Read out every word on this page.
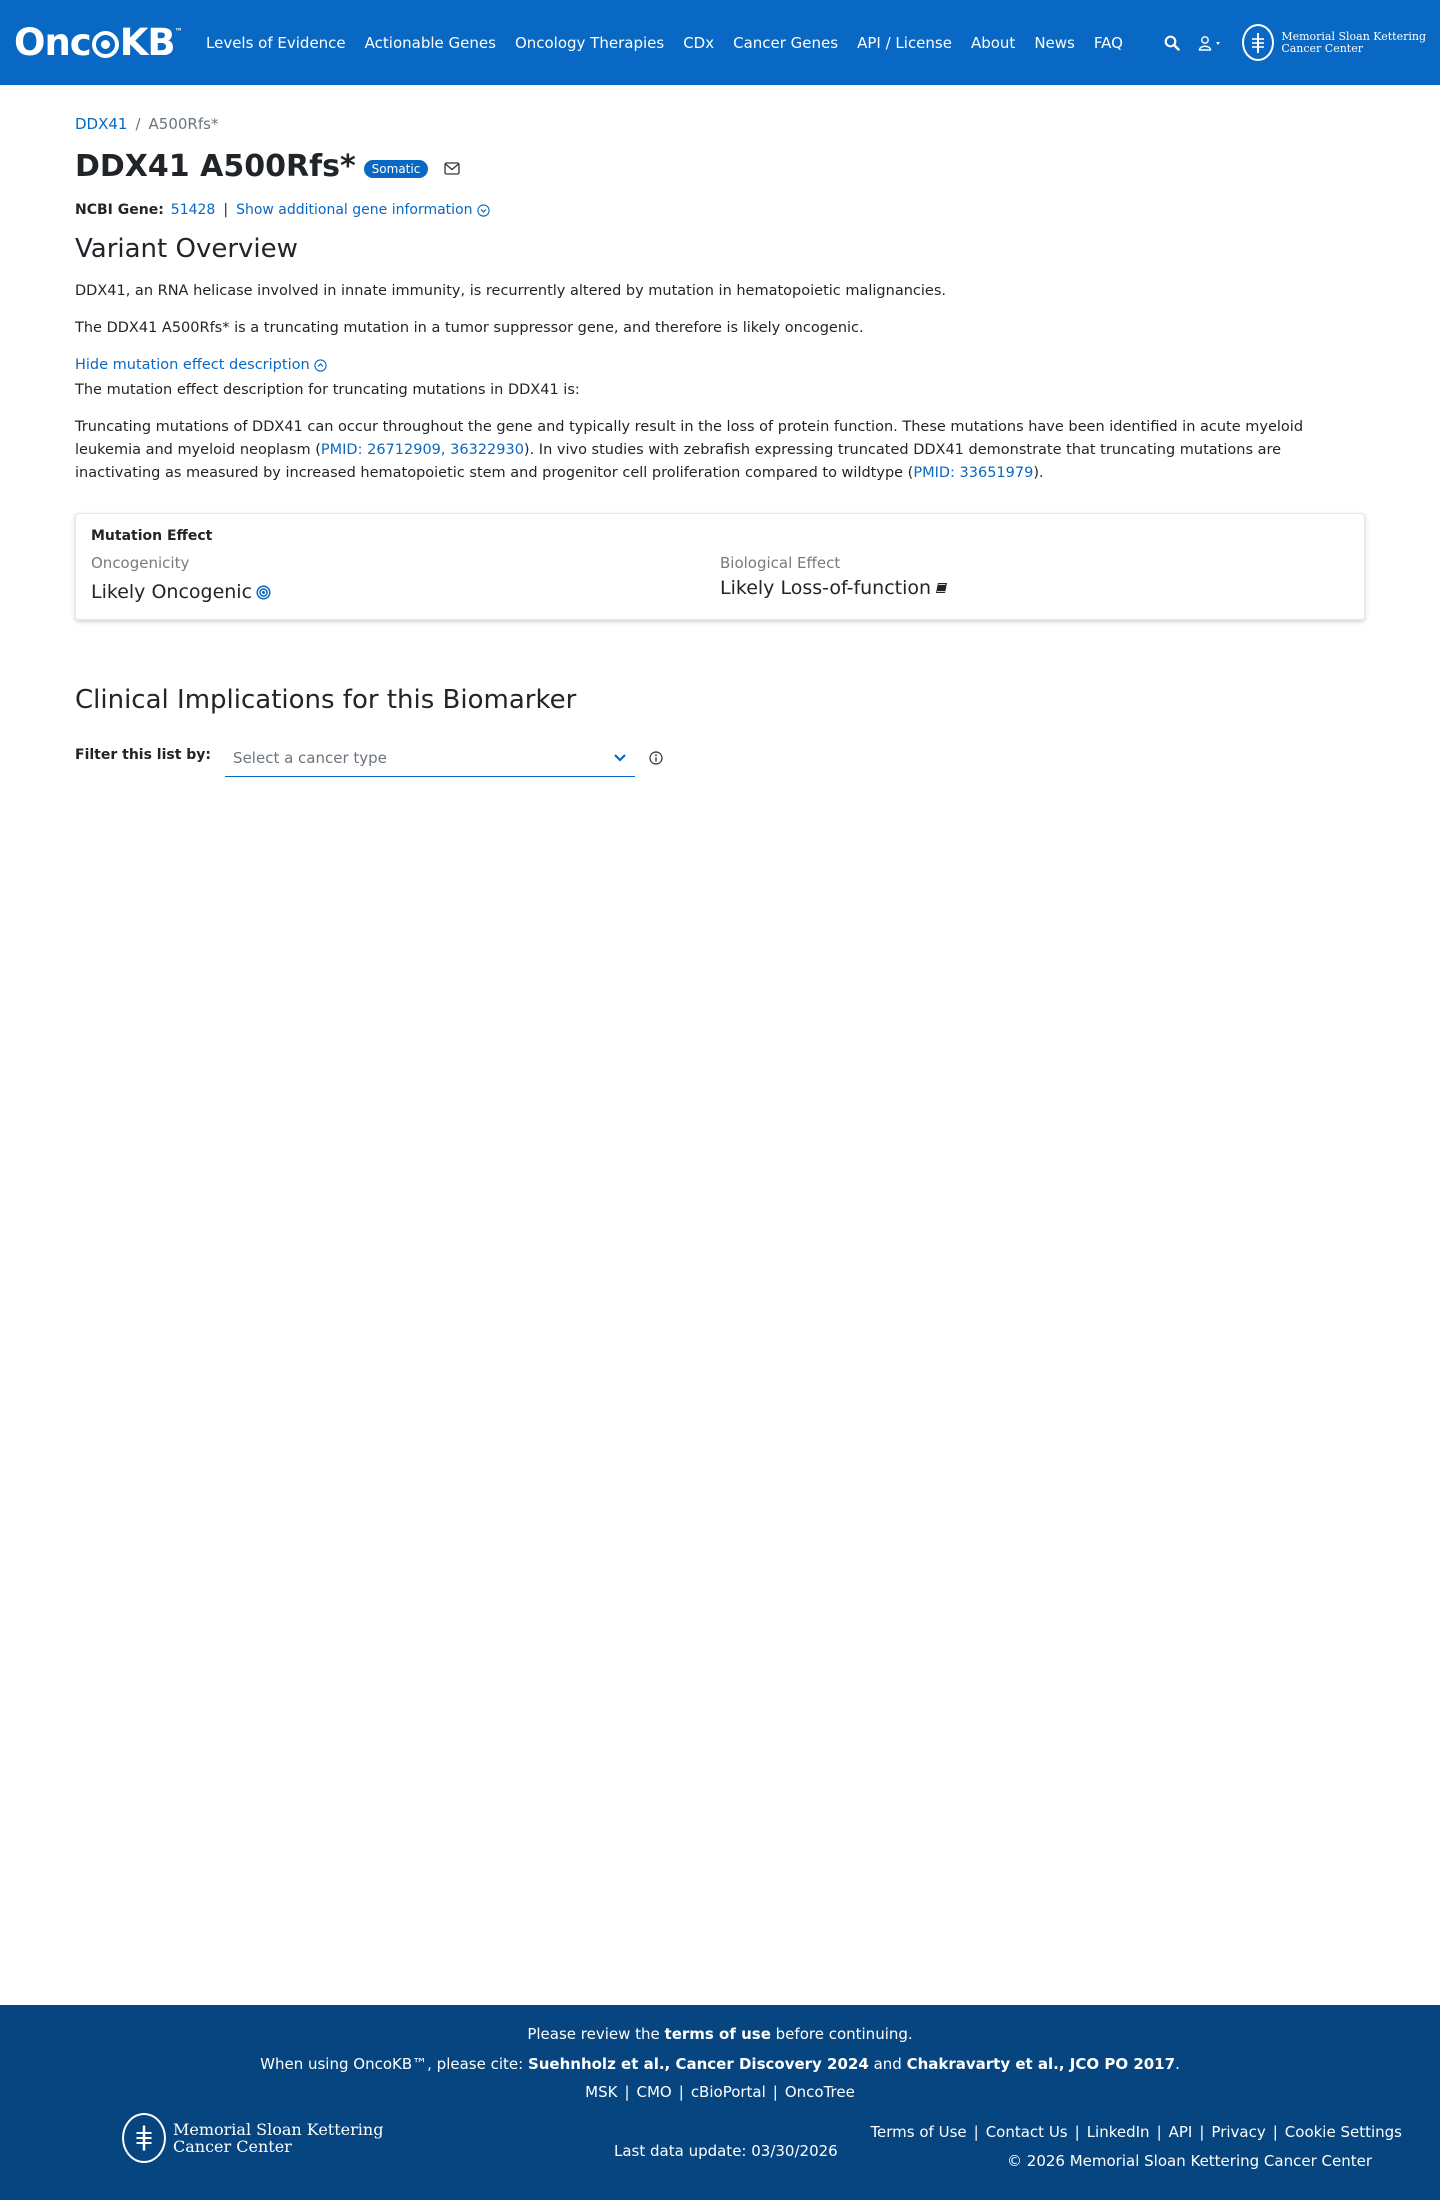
Onc KB™
Levels of Evidence Actionable Genes Oncology Therapies CDx Cancer Genes API / License About News FAQ	Memorial Sloan Kettering
Cancer Center
DDX41 / A500Rfs*
DDX41 A500Rfs*	Somatic
NCBI Gene: 51428 | Show additional gene information
Variant Overview

DDX41, an RNA helicase involved in innate immunity, is recurrently altered by mutation in hematopoietic malignancies.

The DDX41 A500Rfs* is a truncating mutation in a tumor suppressor gene, and therefore is likely oncogenic.

Hide mutation effect description

The mutation effect description for truncating mutations in DDX41 is:

Truncating mutations of DDX41 can occur throughout the gene and typically result in the loss of protein function. These mutations have been identified in acute myeloid leukemia and myeloid neoplasm (PMID: 26712909, 36322930). In vivo studies with zebrafish expressing truncated DDX41 demonstrate that truncating mutations are inactivating as measured by increased hematopoietic stem and progenitor cell proliferation compared to wildtype (PMID: 33651979).

Mutation Effect
Oncogenicity
Likely Oncogenic
Biological Effect
Likely Loss-of-function
Clinical Implications for this Biomarker
Filter this list by: Select a cancer type
Please review the terms of use before continuing.
When using OncoKB™, please cite: Suehnholz et al., Cancer Discovery 2024 and Chakravarty et al., JCO PO 2017.
MSK | CMO | cBioPortal | OncoTree
Memorial Sloan Kettering
Cancer Center	Last data update: 03/30/2026
Terms of Use | Contact Us | LinkedIn | API | Privacy | Cookie Settings
© 2026 Memorial Sloan Kettering Cancer Center
